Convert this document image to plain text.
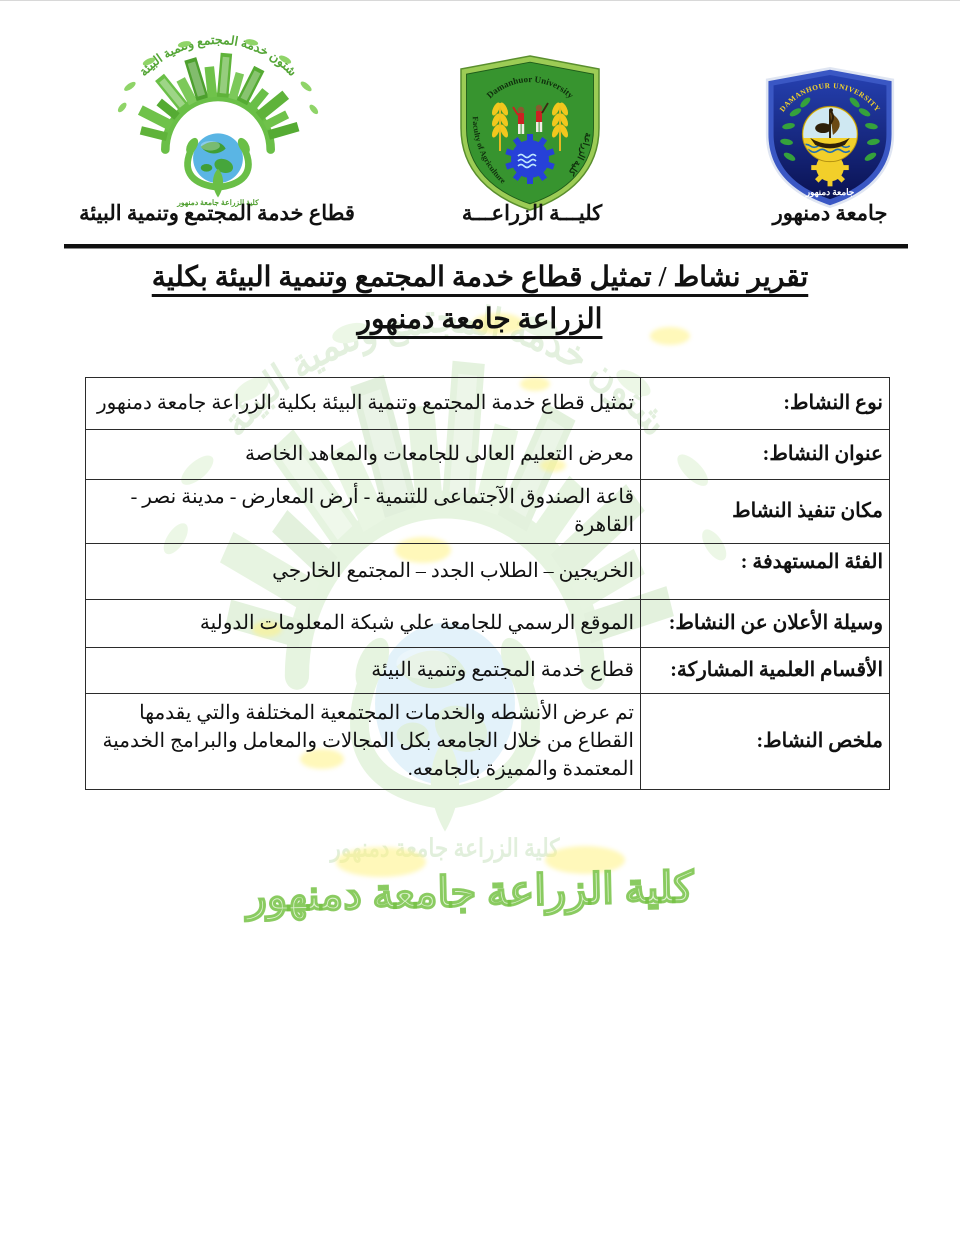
كلية الزراعة جامعة دمنهور
قطاع خدمة المجتمع وتنمية البيئة	كليـــة الزراعـــة	جامعة دمنهور
تقرير نشاط / تمثيل قطاع خدمة المجتمع وتنمية البيئة بكلية
الزراعة جامعة دمنهور
نوع النشاط:	تمثيل قطاع خدمة المجتمع وتنمية البيئة بكلية الزراعة جامعة دمنهور
عنوان النشاط:	معرض التعليم العالى للجامعات والمعاهد الخاصة
مكان تنفيذ النشاط	قاعة الصندوق الآجتماعى للتنمية - أرض المعارض - مدينة نصر - القاهرة
الفئة المستهدفة :	الخريجين – الطلاب الجدد – المجتمع الخارجي
وسيلة الأعلان عن النشاط:	الموقع الرسمي للجامعة علي شبكة المعلومات الدولية
الأقسام العلمية المشاركة:	قطاع خدمة المجتمع وتنمية البيئة
ملخص النشاط:	تم عرض الأنشطه والخدمات المجتمعية المختلفة والتي يقدمها القطاع من خلال الجامعه بكل المجالات والمعامل والبرامج الخدمية المعتمدة والمميزة بالجامعه.
